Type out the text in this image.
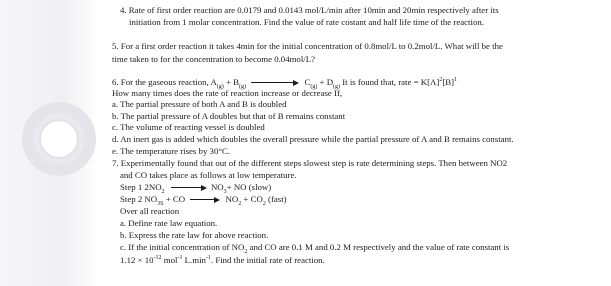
4. Rate of first order reaction are 0.0179 and 0.0143 mol/L/min after 10min and 20min respectively after its
initiation from 1 molar concentration. Find the value of rate costant and half life time of the reaction.
5. For a first order reaction it takes 4min for the initial concentration of 0.8mol/L to 0.2mol/L. What will be the
time taken to for the concentration to become 0.04mol/L?
6. For the gaseous reaction, $A_{(g)} + B_{(g)}$	$C_{(g)} + D_{(g)}$ It is found that, rate = $K[A]^2[B]^1$
How many times does the rate of reaction increase or decrease If,
a. The partial pressure of both A and B is doubled
b. The partial pressure of A doubles but that of B remains constant
c. The volume of reacting vessel is doubled
d. An inert gas is added which doubles the overall pressure while the partial pressure of A and B remains constant.
e. The temperature rises by 30°C.
7. Experimentally found that out of the different steps slowest step is rate determining steps. Then between NO2
and CO takes place as follows at low temperature.
Step 1 $2NO_2$	$NO_3+$ NO (slow)
Step 2 $NO_{3S}$ + CO	$NO_2 + CO_2$ (fast)
Over all reaction
a. Define rate law equation.
b. Express the rate law for above reaction.
c. If the initial concentration of $NO_2$ and CO are 0.1 M and 0.2 M respectively and the value of rate constant is
$1.12 \times 10^{-12}$ mol$^{-1}$ $L.\min^{-1}$. Find the initial rate of reaction.
